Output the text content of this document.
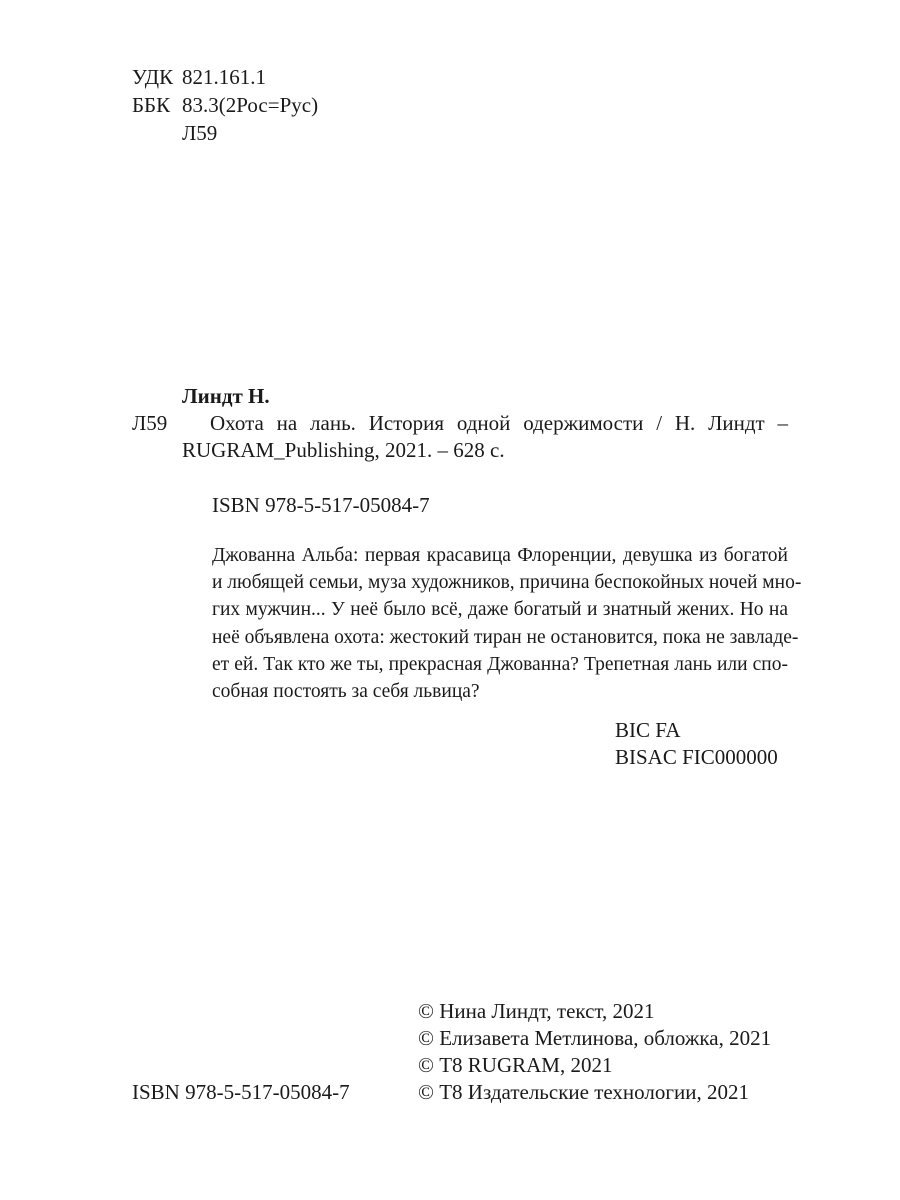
УДК 821.161.1
ББК 83.3(2Рос=Рус)
Л59
Линдт Н.
Л59 Охота на лань. История одной одержимости / Н. Линдт –
RUGRAM_Publishing, 2021. – 628 с.
ISBN 978-5-517-05084-7
Джованна Альба: первая красавица Флоренции, девушка из богатой
и любящей семьи, муза художников, причина беспокойных ночей мно-
гих мужчин... У неё было всё, даже богатый и знатный жених. Но на
неё объявлена охота: жестокий тиран не остановится, пока не завладе-
ет ей. Так кто же ты, прекрасная Джованна? Трепетная лань или спо-
собная постоять за себя львица?
BIC FA
BISAC FIC000000
© Нина Линдт, текст, 2021
© Елизавета Метлинова, обложка, 2021
© Т8 RUGRAM, 2021
© Т8 Издательские технологии, 2021
ISBN 978-5-517-05084-7
